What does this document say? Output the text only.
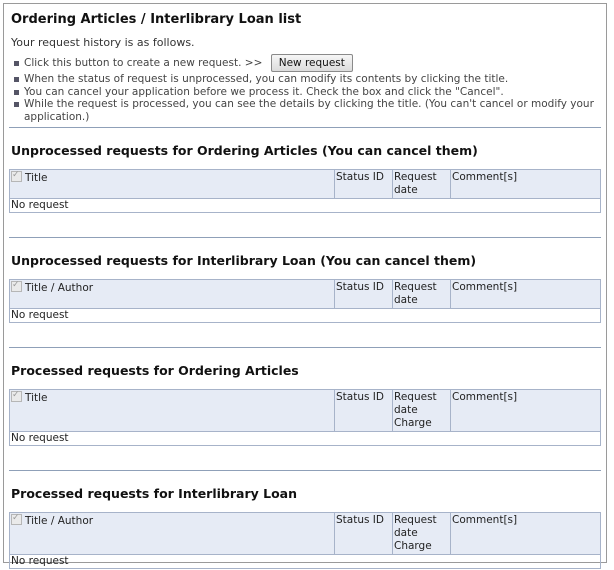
Ordering Articles / Interlibrary Loan list

Your request history is as follows.

Click this button to create a new request. >> New request
When the status of request is unprocessed, you can modify its contents by clicking the title.
You can cancel your application before we process it. Check the box and click the "Cancel".
While the request is processed, you can see the details by clicking the title. (You can't cancel or modify your application.)
Unprocessed requests for Ordering Articles (You can cancel them)
✓Title	Status ID	Request date	Comment[s]
No request
Unprocessed requests for Interlibrary Loan (You can cancel them)
✓Title / Author	Status ID	Request date	Comment[s]
No request
Processed requests for Ordering Articles
✓Title	Status ID	Request date Charge	Comment[s]
No request
Processed requests for Interlibrary Loan
✓Title / Author	Status ID	Request date Charge	Comment[s]
No request
